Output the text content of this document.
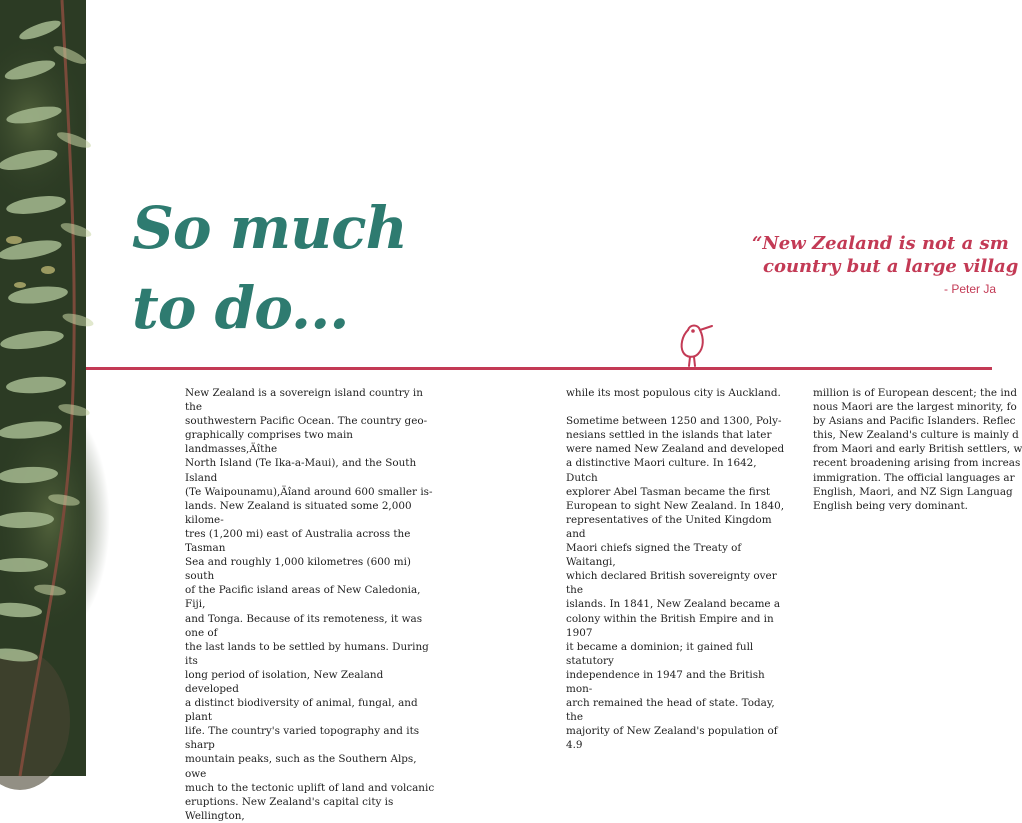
So much
to do...

“New Zealand is not a sm
country but a large villag

- Peter Ja

New Zealand is a sovereign island country in the
southwestern Pacific Ocean. The country geo-
graphically comprises two main landmasses,Äîthe
North Island (Te Ika-a-Maui), and the South Island
(Te Waipounamu),Äîand around 600 smaller is-
lands. New Zealand is situated some 2,000 kilome-
tres (1,200 mi) east of Australia across the Tasman
Sea and roughly 1,000 kilometres (600 mi) south
of the Pacific island areas of New Caledonia, Fiji,
and Tonga. Because of its remoteness, it was one of
the last lands to be settled by humans. During its
long period of isolation, New Zealand developed
a distinct biodiversity of animal, fungal, and plant
life. The country's varied topography and its sharp
mountain peaks, such as the Southern Alps, owe
much to the tectonic uplift of land and volcanic
eruptions. New Zealand's capital city is Wellington,

while its most populous city is Auckland.

Sometime between 1250 and 1300, Poly-
nesians settled in the islands that later
were named New Zealand and developed
a distinctive Maori culture. In 1642, Dutch
explorer Abel Tasman became the first
European to sight New Zealand. In 1840,
representatives of the United Kingdom and
Maori chiefs signed the Treaty of Waitangi,
which declared British sovereignty over the
islands. In 1841, New Zealand became a
colony within the British Empire and in 1907
it became a dominion; it gained full statutory
independence in 1947 and the British mon-
arch remained the head of state. Today, the
majority of New Zealand's population of 4.9

million is of European descent; the ind
nous Maori are the largest minority, fo
by Asians and Pacific Islanders. Reflec
this, New Zealand's culture is mainly d
from Maori and early British settlers, w
recent broadening arising from increas
immigration. The official languages ar
English, Maori, and NZ Sign Languag
English being very dominant.
